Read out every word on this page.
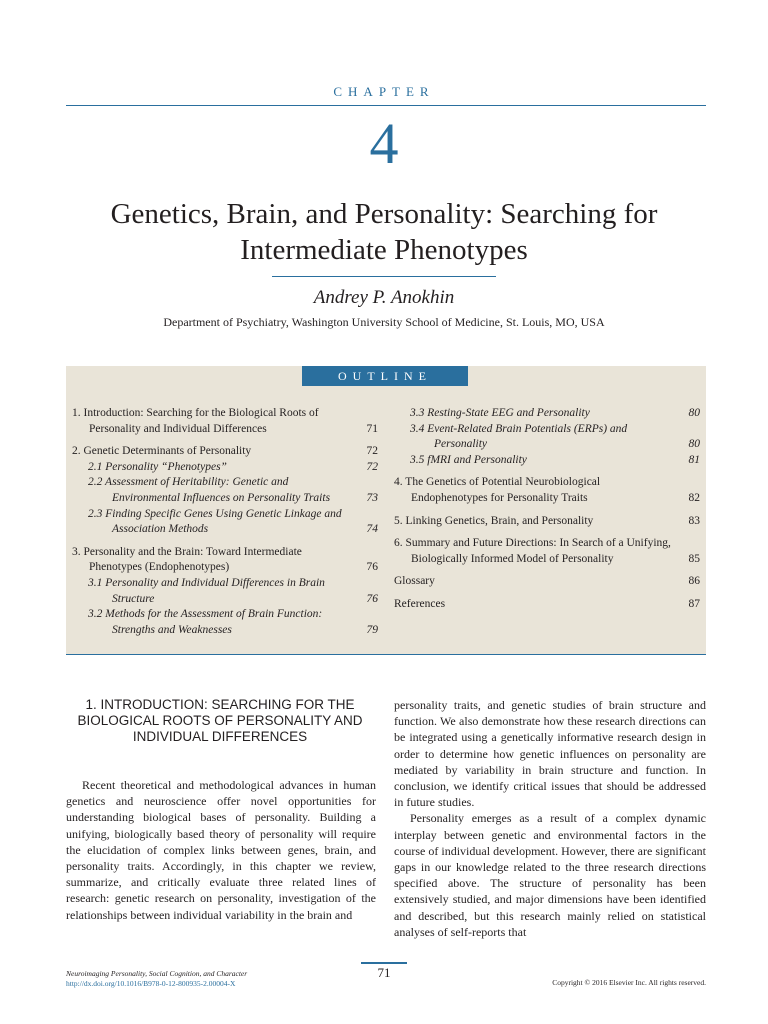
CHAPTER
4
Genetics, Brain, and Personality: Searching for
Intermediate Phenotypes
Andrey P. Anokhin
Department of Psychiatry, Washington University School of Medicine, St. Louis, MO, USA
OUTLINE
1. Introduction: Searching for the Biological Roots of Personality and Individual Differences	71
2. Genetic Determinants of Personality	72
2.1 Personality “Phenotypes”	72
2.2 Assessment of Heritability: Genetic and Environmental Influences on Personality Traits	73
2.3 Finding Specific Genes Using Genetic Linkage and Association Methods	74
3. Personality and the Brain: Toward Intermediate Phenotypes (Endophenotypes)	76
3.1 Personality and Individual Differences in Brain Structure	76
3.2 Methods for the Assessment of Brain Function: Strengths and Weaknesses	79
3.3 Resting-State EEG and Personality	80
3.4 Event-Related Brain Potentials (ERPs) and Personality	80
3.5 fMRI and Personality	81
4. The Genetics of Potential Neurobiological Endophenotypes for Personality Traits	82
5. Linking Genetics, Brain, and Personality	83
6. Summary and Future Directions: In Search of a Unifying, Biologically Informed Model of Personality	85
Glossary	86
References	87
1. INTRODUCTION: SEARCHING FOR THE BIOLOGICAL ROOTS OF PERSONALITY AND INDIVIDUAL DIFFERENCES

Recent theoretical and methodological advances in human genetics and neuroscience offer novel opportunities for understanding biological bases of personality. Building a unifying, biologically based theory of personality will require the elucidation of complex links between genes, brain, and personality traits. Accordingly, in this chapter we review, summarize, and critically evaluate three related lines of research: genetic research on personality, investigation of the relationships between individual variability in the brain and

personality traits, and genetic studies of brain structure and function. We also demonstrate how these research directions can be integrated using a genetically informative research design in order to determine how genetic influences on personality are mediated by variability in brain structure and function. In conclusion, we identify critical issues that should be addressed in future studies.

Personality emerges as a result of a complex dynamic interplay between genetic and environmental factors in the course of individual development. However, there are significant gaps in our knowledge related to the three research directions specified above. The structure of personality has been extensively studied, and major dimensions have been identified and described, but this research mainly relied on statistical analyses of self-reports that

71
Neuroimaging Personality, Social Cognition, and Character
http://dx.doi.org/10.1016/B978-0-12-800935-2.00004-X	Copyright © 2016 Elsevier Inc. All rights reserved.
